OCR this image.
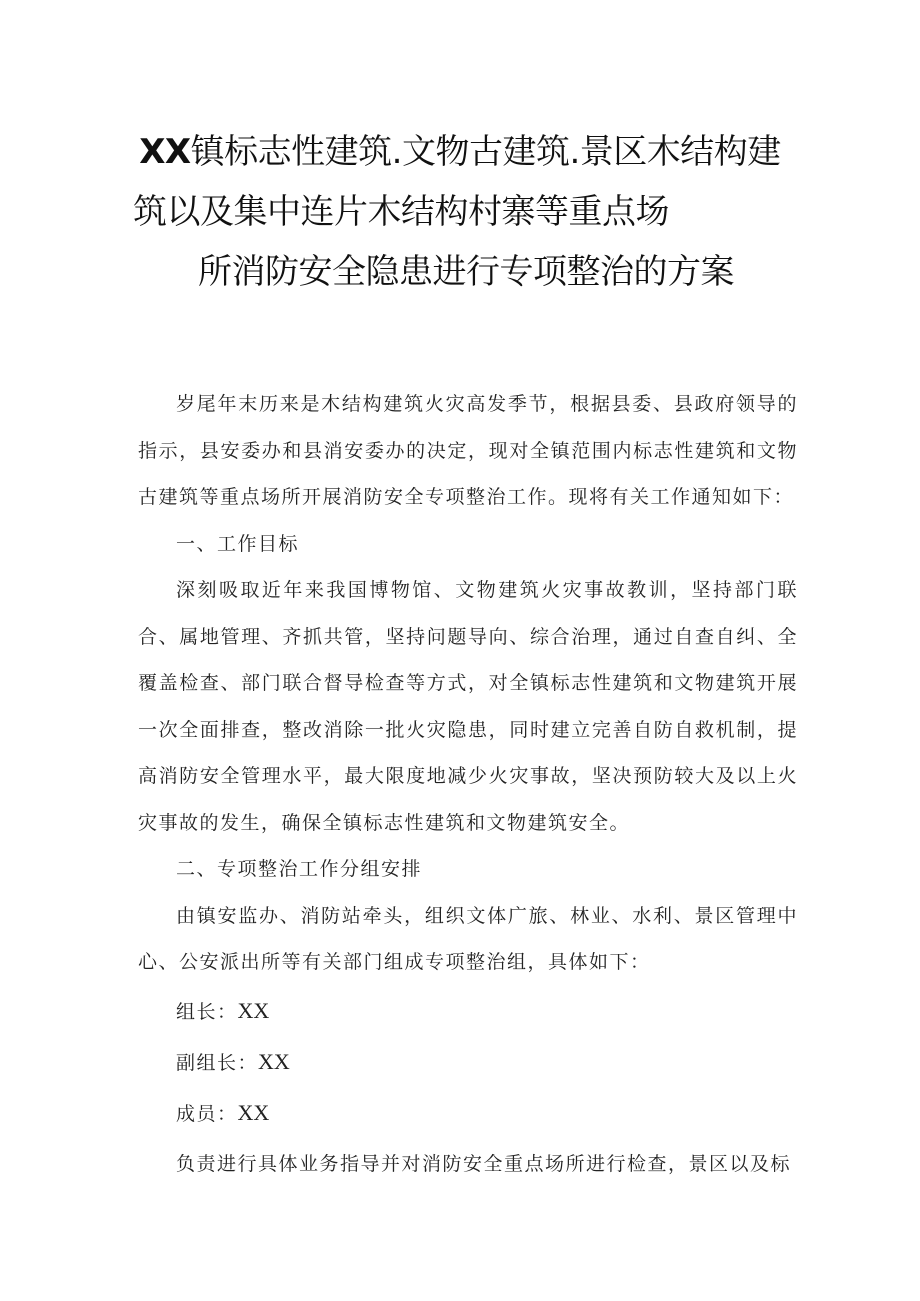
XX镇标志性建筑.文物古建筑.景区木结构建
筑以及集中连片木结构村寨等重点场
所消防安全隐患进行专项整治的方案

岁尾年末历来是木结构建筑火灾高发季节，根据县委、县政府领导的指示，县安委办和县消安委办的决定，现对全镇范围内标志性建筑和文物古建筑等重点场所开展消防安全专项整治工作。现将有关工作通知如下：

一、工作目标

深刻吸取近年来我国博物馆、文物建筑火灾事故教训，坚持部门联合、属地管理、齐抓共管，坚持问题导向、综合治理，通过自查自纠、全覆盖检查、部门联合督导检查等方式，对全镇标志性建筑和文物建筑开展一次全面排查，整改消除一批火灾隐患，同时建立完善自防自救机制，提高消防安全管理水平，最大限度地减少火灾事故，坚决预防较大及以上火灾事故的发生，确保全镇标志性建筑和文物建筑安全。

二、专项整治工作分组安排

由镇安监办、消防站牵头，组织文体广旅、林业、水利、景区管理中心、公安派出所等有关部门组成专项整治组，具体如下：

组长：XX

副组长：XX

成员：XX

负责进行具体业务指导并对消防安全重点场所进行检查，景区以及标
